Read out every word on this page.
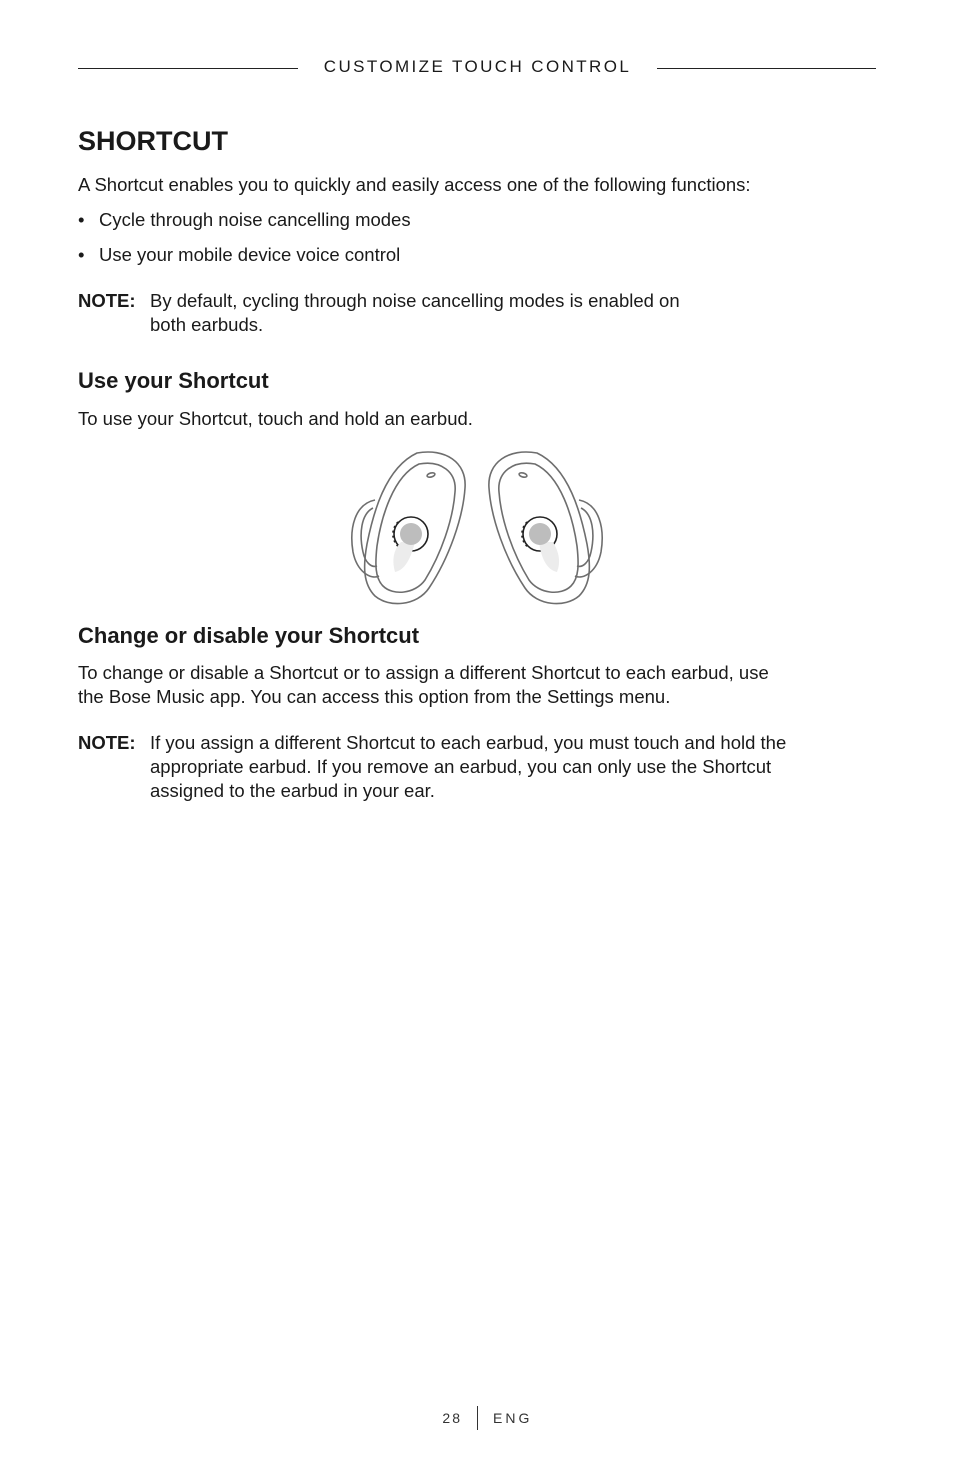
CUSTOMIZE TOUCH CONTROL
SHORTCUT

A Shortcut enables you to quickly and easily access one of the following functions:

• Cycle through noise cancelling modes
• Use your mobile device voice control
NOTE: By default, cycling through noise cancelling modes is enabled on
both earbuds.
Use your Shortcut

To use your Shortcut, touch and hold an earbud.

Change or disable your Shortcut

To change or disable a Shortcut or to assign a different Shortcut to each earbud, use
the Bose Music app. You can access this option from the Settings menu.

NOTE: If you assign a different Shortcut to each earbud, you must touch and hold the
appropriate earbud. If you remove an earbud, you can only use the Shortcut
assigned to the earbud in your ear.
28 ENG
